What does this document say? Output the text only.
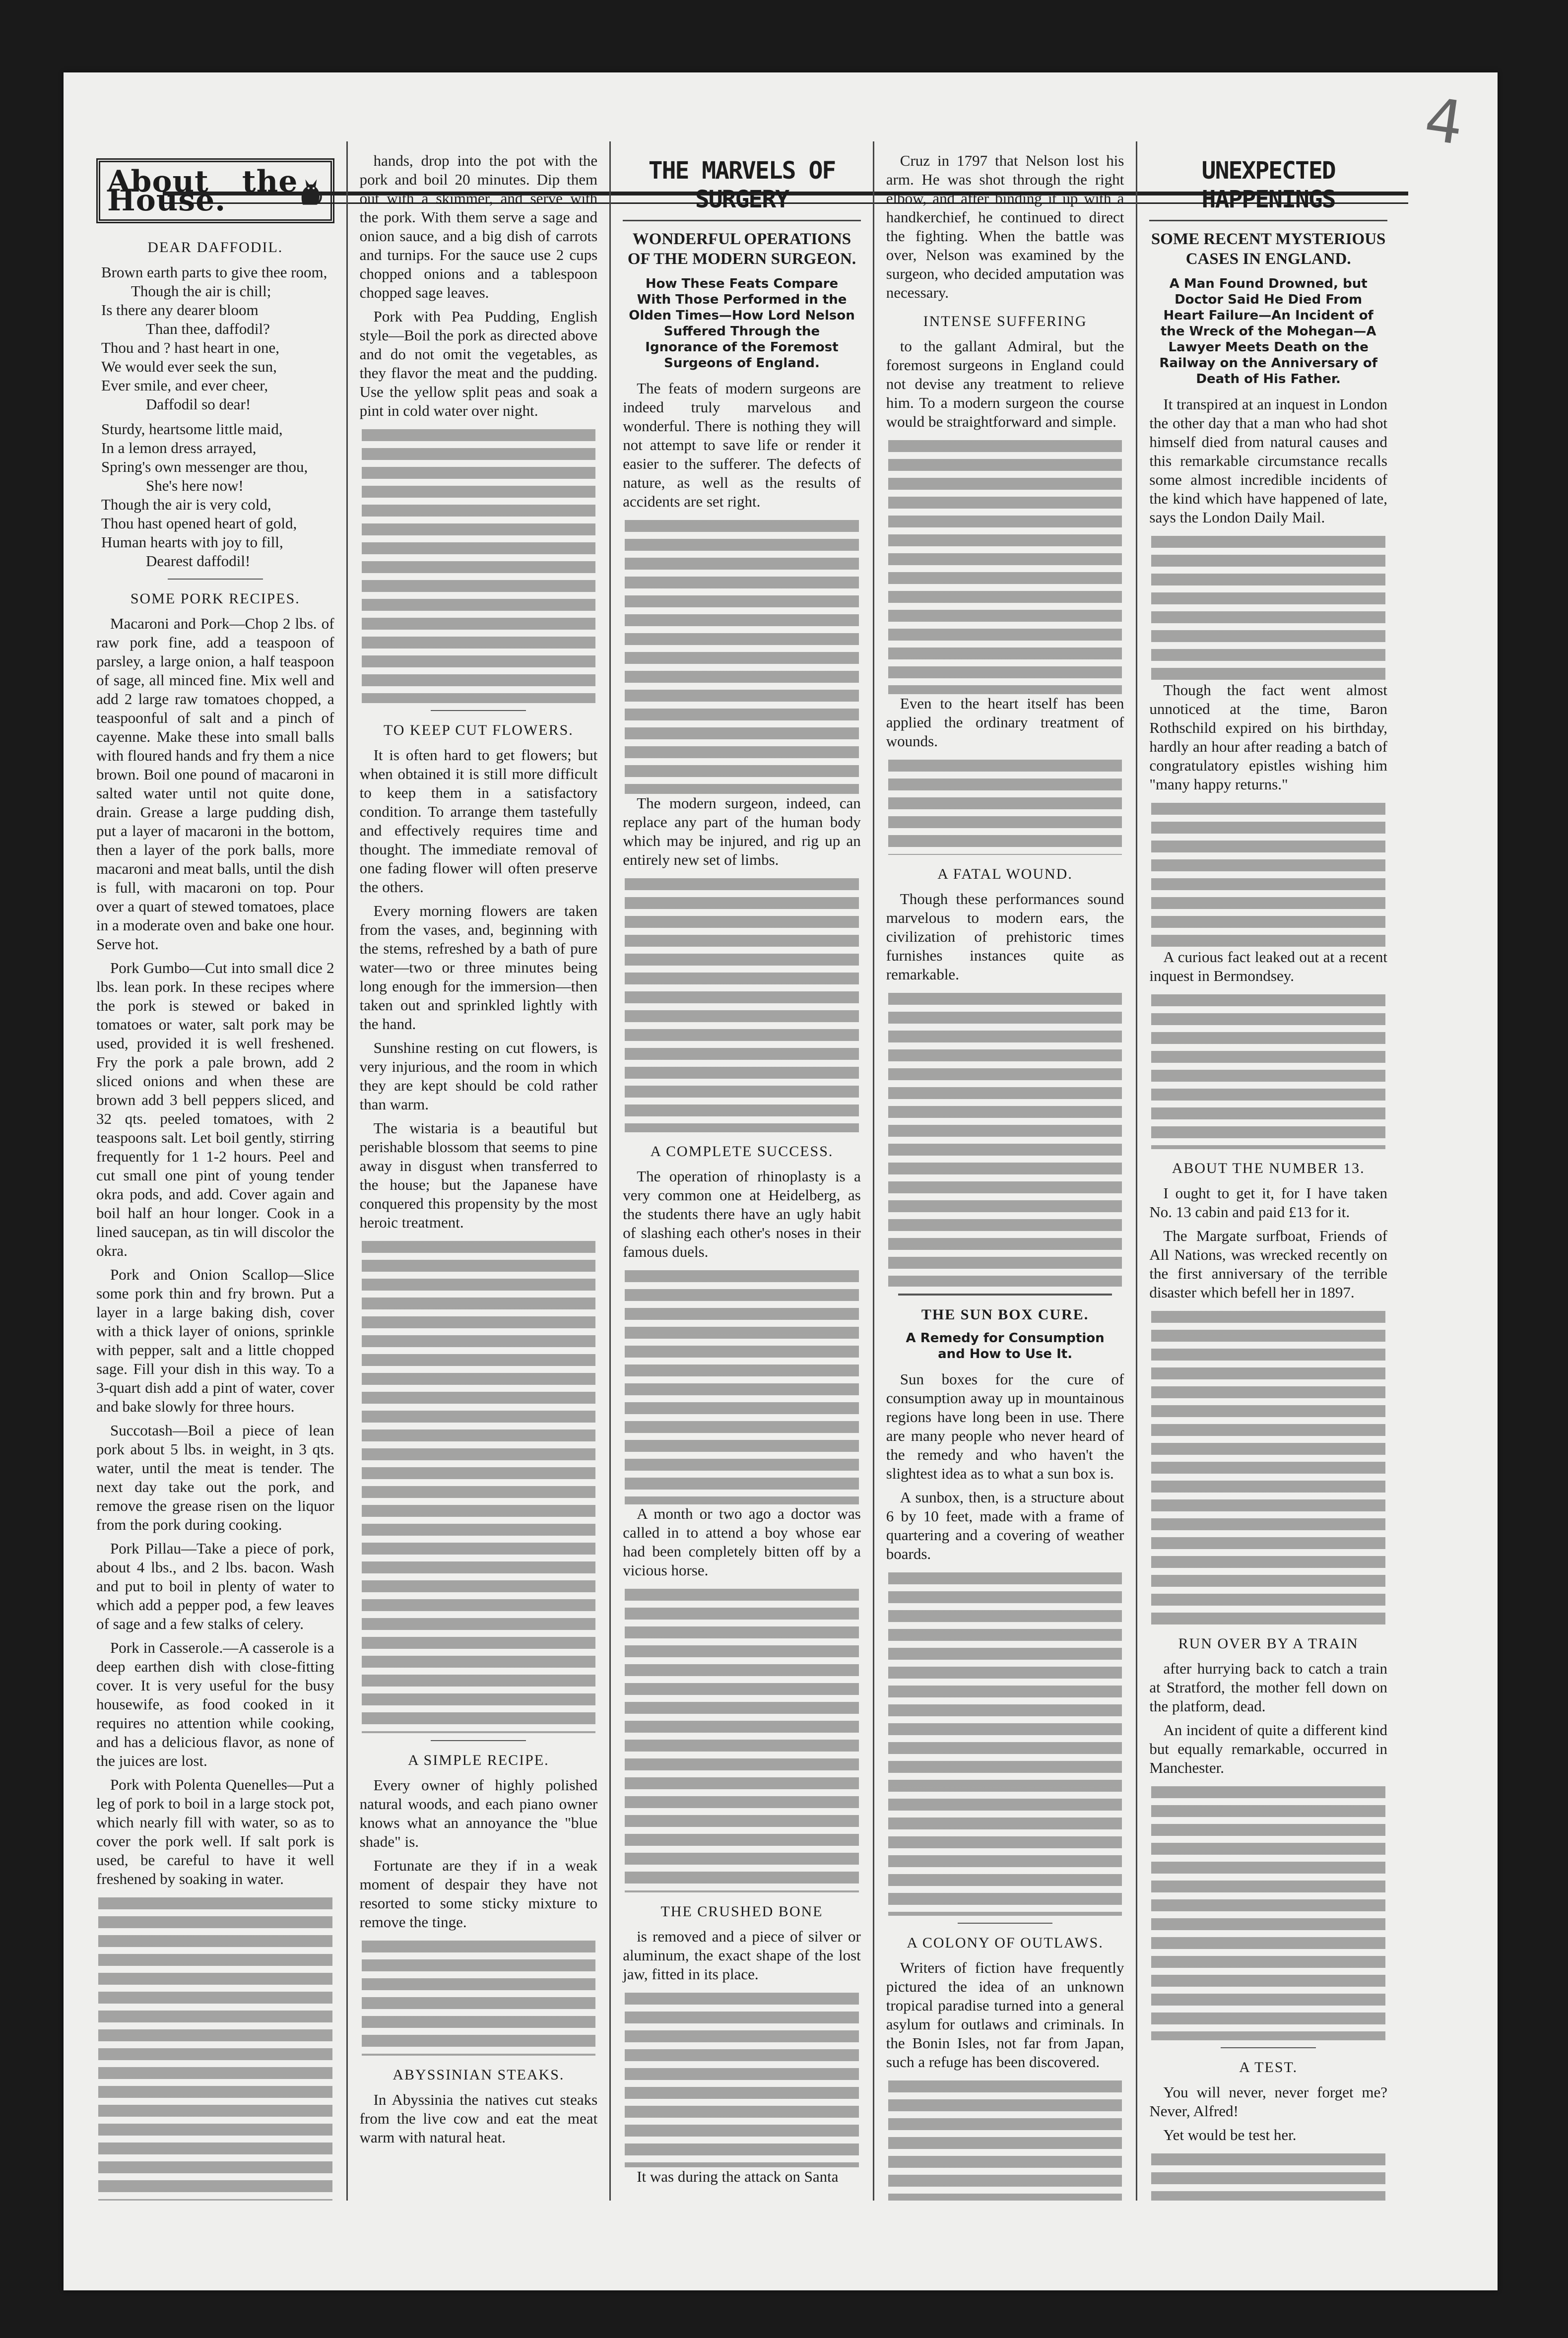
4
About the House.
DEAR DAFFODIL.
Brown earth parts to give thee room,
Though the air is chill;
Is there any dearer bloom
Than thee, daffodil?
Thou and ? hast heart in one,
We would ever seek the sun,
Ever smile, and ever cheer,
Daffodil so dear!
Sturdy, heartsome little maid,
In a lemon dress arrayed,
Spring's own messenger are thou,
She's here now!
Though the air is very cold,
Thou hast opened heart of gold,
Human hearts with joy to fill,
Dearest daffodil!
SOME PORK RECIPES.

Macaroni and Pork—Chop 2 lbs. of raw pork fine, add a teaspoon of parsley, a large onion, a half teaspoon of sage, all minced fine. Mix well and add 2 large raw tomatoes chopped, a teaspoonful of salt and a pinch of cayenne. Make these into small balls with floured hands and fry them a nice brown. Boil one pound of macaroni in salted water until not quite done, drain. Grease a large pudding dish, put a layer of macaroni in the bottom, then a layer of the pork balls, more macaroni and meat balls, until the dish is full, with macaroni on top. Pour over a quart of stewed tomatoes, place in a moderate oven and bake one hour. Serve hot.

Pork Gumbo—Cut into small dice 2 lbs. lean pork. In these recipes where the pork is stewed or baked in tomatoes or water, salt pork may be used, provided it is well freshened. Fry the pork a pale brown, add 2 sliced onions and when these are brown add 3 bell peppers sliced, and 32 qts. peeled tomatoes, with 2 teaspoons salt. Let boil gently, stirring frequently for 1 1-2 hours. Peel and cut small one pint of young tender okra pods, and add. Cover again and boil half an hour longer. Cook in a lined saucepan, as tin will discolor the okra.

Pork and Onion Scallop—Slice some pork thin and fry brown. Put a layer in a large baking dish, cover with a thick layer of onions, sprinkle with pepper, salt and a little chopped sage. Fill your dish in this way. To a 3-quart dish add a pint of water, cover and bake slowly for three hours.

Succotash—Boil a piece of lean pork about 5 lbs. in weight, in 3 qts. water, until the meat is tender. The next day take out the pork, and remove the grease risen on the liquor from the pork during cooking.

Pork Pillau—Take a piece of pork, about 4 lbs., and 2 lbs. bacon. Wash and put to boil in plenty of water to which add a pepper pod, a few leaves of sage and a few stalks of celery.

Pork in Casserole.—A casserole is a deep earthen dish with close-fitting cover. It is very useful for the busy housewife, as food cooked in it requires no attention while cooking, and has a delicious flavor, as none of the juices are lost.

Pork with Polenta Quenelles—Put a leg of pork to boil in a large stock pot, which nearly fill with water, so as to cover the pork well. If salt pork is used, be careful to have it well freshened by soaking in water.

hands, drop into the pot with the pork and boil 20 minutes. Dip them out with a skimmer, and serve with the pork. With them serve a sage and onion sauce, and a big dish of carrots and turnips. For the sauce use 2 cups chopped onions and a tablespoon chopped sage leaves.

Pork with Pea Pudding, English style—Boil the pork as directed above and do not omit the vegetables, as they flavor the meat and the pudding. Use the yellow split peas and soak a pint in cold water over night.

TO KEEP CUT FLOWERS.

It is often hard to get flowers; but when obtained it is still more difficult to keep them in a satisfactory condition. To arrange them tastefully and effectively requires time and thought. The immediate removal of one fading flower will often preserve the others.

Every morning flowers are taken from the vases, and, beginning with the stems, refreshed by a bath of pure water—two or three minutes being long enough for the immersion—then taken out and sprinkled lightly with the hand.

Sunshine resting on cut flowers, is very injurious, and the room in which they are kept should be cold rather than warm.

The wistaria is a beautiful but perishable blossom that seems to pine away in disgust when transferred to the house; but the Japanese have conquered this propensity by the most heroic treatment.

A SIMPLE RECIPE.

Every owner of highly polished natural woods, and each piano owner knows what an annoyance the "blue shade" is.

Fortunate are they if in a weak moment of despair they have not resorted to some sticky mixture to remove the tinge.

ABYSSINIAN STEAKS.

In Abyssinia the natives cut steaks from the live cow and eat the meat warm with natural heat.

THE MARVELS OF SURGERY
WONDERFUL OPERATIONS OF THE MODERN SURGEON.
How These Feats Compare With Those Performed in the Olden Times—How Lord Nelson Suffered Through the Ignorance of the Foremost Surgeons of England.

The feats of modern surgeons are indeed truly marvelous and wonderful. There is nothing they will not attempt to save life or render it easier to the sufferer. The defects of nature, as well as the results of accidents are set right.

The modern surgeon, indeed, can replace any part of the human body which may be injured, and rig up an entirely new set of limbs.

A COMPLETE SUCCESS.

The operation of rhinoplasty is a very common one at Heidelberg, as the students there have an ugly habit of slashing each other's noses in their famous duels.

A month or two ago a doctor was called in to attend a boy whose ear had been completely bitten off by a vicious horse.

THE CRUSHED BONE

is removed and a piece of silver or aluminum, the exact shape of the lost jaw, fitted in its place.

It was during the attack on Santa

Cruz in 1797 that Nelson lost his arm. He was shot through the right elbow, and after binding it up with a handkerchief, he continued to direct the fighting. When the battle was over, Nelson was examined by the surgeon, who decided amputation was necessary.

INTENSE SUFFERING

to the gallant Admiral, but the foremost surgeons in England could not devise any treatment to relieve him. To a modern surgeon the course would be straightforward and simple.

Even to the heart itself has been applied the ordinary treatment of wounds.

A FATAL WOUND.

Though these performances sound marvelous to modern ears, the civilization of prehistoric times furnishes instances quite as remarkable.

THE SUN BOX CURE.
A Remedy for Consumption and How to Use It.

Sun boxes for the cure of consumption away up in mountainous regions have long been in use. There are many people who never heard of the remedy and who haven't the slightest idea as to what a sun box is.

A sunbox, then, is a structure about 6 by 10 feet, made with a frame of quartering and a covering of weather boards.

A COLONY OF OUTLAWS.

Writers of fiction have frequently pictured the idea of an unknown tropical paradise turned into a general asylum for outlaws and criminals. In the Bonin Isles, not far from Japan, such a refuge has been discovered.

UNEXPECTED HAPPENINGS
SOME RECENT MYSTERIOUS CASES IN ENGLAND.
A Man Found Drowned, but Doctor Said He Died From Heart Failure—An Incident of the Wreck of the Mohegan—A Lawyer Meets Death on the Railway on the Anniversary of Death of His Father.

It transpired at an inquest in London the other day that a man who had shot himself died from natural causes and this remarkable circumstance recalls some almost incredible incidents of the kind which have happened of late, says the London Daily Mail.

Though the fact went almost unnoticed at the time, Baron Rothschild expired on his birthday, hardly an hour after reading a batch of congratulatory epistles wishing him "many happy returns."

A curious fact leaked out at a recent inquest in Bermondsey.

ABOUT THE NUMBER 13.

I ought to get it, for I have taken No. 13 cabin and paid £13 for it.

The Margate surfboat, Friends of All Nations, was wrecked recently on the first anniversary of the terrible disaster which befell her in 1897.

RUN OVER BY A TRAIN

after hurrying back to catch a train at Stratford, the mother fell down on the platform, dead.

An incident of quite a different kind but equally remarkable, occurred in Manchester.

A TEST.

You will never, never forget me? Never, Alfred!

Yet would be test her.
